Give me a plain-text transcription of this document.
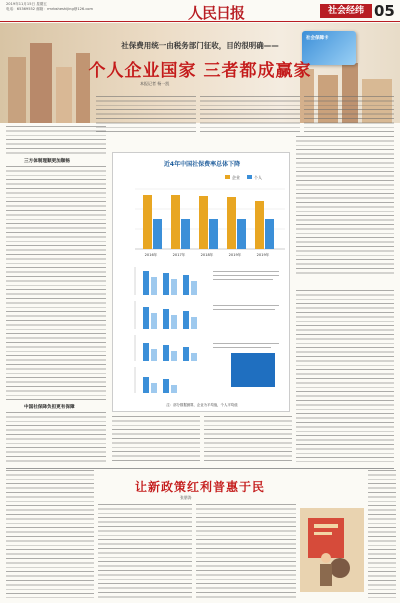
2019年11月15日 星期五
电话：65369552 邮箱：rmrbsheshijing@126.com	人民日报	社会经纬 05
社会保障卡
社保费用统一由税务部门征收，目的很明确——
个人企业国家 三者都成赢家
本报记者 杨一凯
三方体制理顺更加顺畅
中国社保降负担更有保障
近4年中国社保费率总体下降
企业	个人
2016年	2017年	2018年	2019年	2019年
注：部分数据测算，企业为平均值，个人平均值
让新政策红利普惠于民
张朋涛
